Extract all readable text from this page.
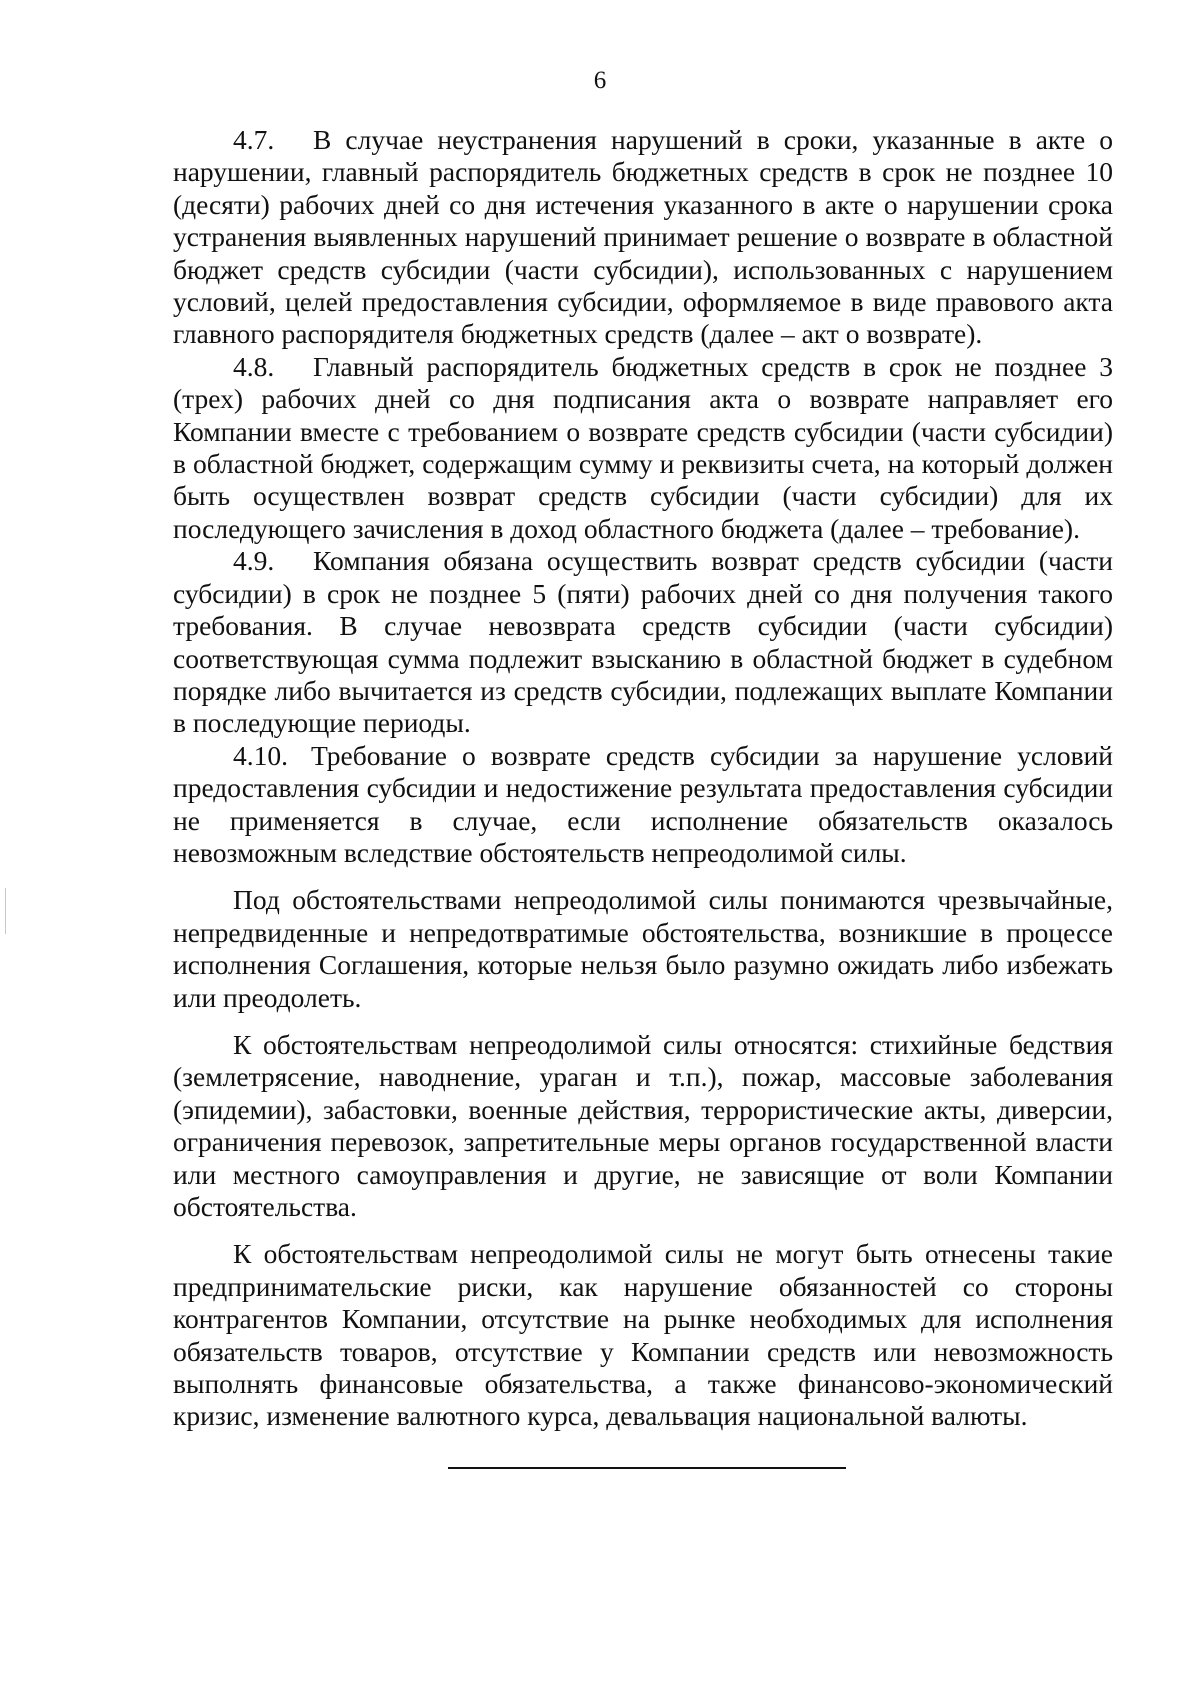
6

4.7. В случае неустранения нарушений в сроки, указанные в акте о нарушении, главный распорядитель бюджетных средств в срок не позднее 10 (десяти) рабочих дней со дня истечения указанного в акте о нарушении срока устранения выявленных нарушений принимает решение о возврате в областной бюджет средств субсидии (части субсидии), использованных с нарушением условий, целей предоставления субсидии, оформляемое в виде правового акта главного распорядителя бюджетных средств (далее – акт о возврате).

4.8. Главный распорядитель бюджетных средств в срок не позднее 3 (трех) рабочих дней со дня подписания акта о возврате направляет его Компании вместе с требованием о возврате средств субсидии (части субсидии) в областной бюджет, содержащим сумму и реквизиты счета, на который должен быть осуществлен возврат средств субсидии (части субсидии) для их последующего зачисления в доход областного бюджета (далее – требование).

4.9. Компания обязана осуществить возврат средств субсидии (части субсидии) в срок не позднее 5 (пяти) рабочих дней со дня получения такого требования. В случае невозврата средств субсидии (части субсидии) соответствующая сумма подлежит взысканию в областной бюджет в судебном порядке либо вычитается из средств субсидии, подлежащих выплате Компании в последующие периоды.

4.10. Требование о возврате средств субсидии за нарушение условий предоставления субсидии и недостижение результата предоставления субсидии не применяется в случае, если исполнение обязательств оказалось невозможным вследствие обстоятельств непреодолимой силы.

Под обстоятельствами непреодолимой силы понимаются чрезвычайные, непредвиденные и непредотвратимые обстоятельства, возникшие в процессе исполнения Соглашения, которые нельзя было разумно ожидать либо избежать или преодолеть.

К обстоятельствам непреодолимой силы относятся: стихийные бедствия (землетрясение, наводнение, ураган и т.п.), пожар, массовые заболевания (эпидемии), забастовки, военные действия, террористические акты, диверсии, ограничения перевозок, запретительные меры органов государственной власти или местного самоуправления и другие, не зависящие от воли Компании обстоятельства.

К обстоятельствам непреодолимой силы не могут быть отнесены такие предпринимательские риски, как нарушение обязанностей со стороны контрагентов Компании, отсутствие на рынке необходимых для исполнения обязательств товаров, отсутствие у Компании средств или невозможность выполнять финансовые обязательства, а также финансово-экономический кризис, изменение валютного курса, девальвация национальной валюты.
